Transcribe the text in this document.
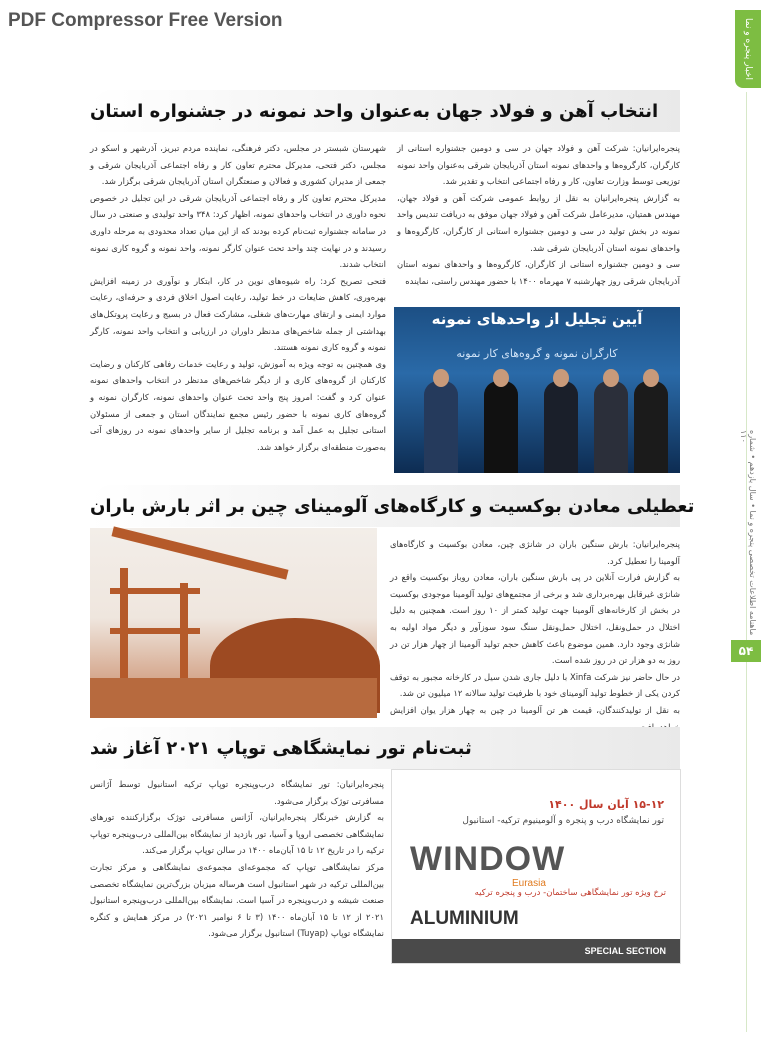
PDF Compressor Free Version	اخبار پنجره و نما
ماهنامه اطلاعات تخصصی پنجره و نما • سال یازدهم • شماره ۱۱۰
۵۴
انتخاب آهن و فولاد جهان به‌عنوان واحد نمونه در جشنواره استان

پنجره‌ایرانیان: شرکت آهن و فولاد جهان در سی و دومین جشنواره استانی از کارگران، کارگروه‌ها و واحدهای نمونه استان آذربایجان شرقی به‌عنوان واحد نمونه توزیعی توسط وزارت تعاون، کار و رفاه اجتماعی انتخاب و تقدیر شد.

به گزارش پنجره‌ایرانیان به نقل از روابط عمومی شرکت آهن و فولاد جهان، مهندس همتیان، مدیرعامل شرکت آهن و فولاد جهان موفق به دریافت تندیس واحد نمونه در بخش تولید در سی و دومین جشنواره استانی از کارگران، کارگروه‌ها و واحدهای نمونه استان آذربایجان شرقی شد.

سی و دومین جشنواره استانی از کارگران، کارگروه‌ها و واحدهای نمونه استان آذربایجان شرقی روز چهارشنبه ۷ مهرماه ۱۴۰۰ با حضور مهندس راستی، نماینده

آیین تجلیل از واحدهای نمونه
کارگران نمونه و گروه‌های کار نمونه

شهرستان شبستر در مجلس، دکتر فرهنگی، نماینده مردم تبریز، آذرشهر و اسکو در مجلس، دکتر فتحی، مدیرکل محترم تعاون کار و رفاه اجتماعی آذربایجان شرقی و جمعی از مدیران کشوری و فعالان و صنعتگران استان آذربایجان شرقی برگزار شد.

مدیرکل محترم تعاون کار و رفاه اجتماعی آذربایجان شرقی در این تجلیل در خصوص نحوه داوری در انتخاب واحدهای نمونه، اظهار کرد: ۳۴۸ واحد تولیدی و صنعتی در سال در سامانه جشنواره ثبت‌نام کرده بودند که از این میان تعداد محدودی به مرحله داوری رسیدند و در نهایت چند واحد تحت عنوان کارگر نمونه، واحد نمونه و گروه کاری نمونه انتخاب شدند.

فتحی تصریح کرد: راه شیوه‌های نوین در کار، ابتکار و نوآوری در زمینه افزایش بهره‌وری، کاهش ضایعات در خط تولید، رعایت اصول اخلاق فردی و حرفه‌ای، رعایت موارد ایمنی و ارتقای مهارت‌های شغلی، مشارکت فعال در بسیج و رعایت پروتکل‌های بهداشتی از جمله شاخص‌های مدنظر داوران در ارزیابی و انتخاب واحد نمونه، کارگر نمونه و گروه کاری نمونه هستند.

وی همچنین به توجه ویژه به آموزش، تولید و رعایت خدمات رفاهی کارکنان و رضایت کارکنان از گروه‌های کاری و از دیگر شاخص‌های مدنظر در انتخاب واحدهای نمونه عنوان کرد و گفت: امروز پنج واحد تحت عنوان واحدهای نمونه، کارگران نمونه و گروه‌های کاری نمونه با حضور رئیس مجمع نمایندگان استان و جمعی از مسئولان استانی تجلیل به عمل آمد و برنامه تجلیل از سایر واحدهای نمونه در روزهای آتی به‌صورت منطقه‌ای برگزار خواهد شد.

تعطیلی معادن بوکسیت و کارگاه‌های آلومینای چین بر اثر بارش باران

پنجره‌ایرانیان: بارش سنگین باران در شانژی چین، معادن بوکسیت و کارگاه‌های آلومینا را تعطیل کرد.

به گزارش فرارت آنلاین در پی بارش سنگین باران، معادن روباز بوکسیت واقع در شانژی غیرقابل بهره‌برداری شد و برخی از مجتمع‌های تولید آلومینا موجودی بوکسیت در بخش از کارخانه‌های آلومینا جهت تولید کمتر از ۱۰ روز است. همچنین به دلیل اختلال در حمل‌ونقل، اختلال حمل‌ونقل سنگ سود سوزآور و دیگر مواد اولیه به شانژی وجود دارد. همین موضوع باعث کاهش حجم تولید آلومینا از چهار هزار تن در روز به دو هزار تن در روز شده است.

در حال حاضر نیز شرکت Xinfa با دلیل جاری شدن سیل در کارخانه مجبور به توقف کردن یکی از خطوط تولید آلومینای خود با ظرفیت تولید سالانه ۱۲ میلیون تن شد.

به نقل از تولیدکنندگان، قیمت هر تن آلومینا در چین به چهار هزار یوان افزایش

ثبت‌نام تور نمایشگاهی توپاپ ۲۰۲۱ آغاز شد
۱۵-۱۲ آبان سال ۱۴۰۰
تور نمایشگاه درب و پنجره و آلومینیوم ترکیه- استانبول
WINDOW
Eurasia
ترخ ویژه تور نمایشگاهی ساختمان- درب و پنجره ترکیه
ALUMINIUM
SPECIAL SECTION

پنجره‌ایرانیان: تور نمایشگاه درب‌وپنجره توپاپ ترکیه استانبول توسط آژانس مسافرتی توژک برگزار می‌شود.

به گزارش خبرنگار پنجره‌ایرانیان، آژانس مسافرتی توژک برگزارکننده تورهای نمایشگاهی تخصصی اروپا و آسیا، تور بازدید از نمایشگاه بین‌المللی درب‌وپنجره توپاپ ترکیه را در تاریخ ۱۲ تا ۱۵ آبان‌ماه ۱۴۰۰ در سالن توپاپ برگزار می‌کند.

مرکز نمایشگاهی توپاپ که مجموعه‌ای مجموعه‌ی نمایشگاهی و مرکز تجارت بین‌المللی ترکیه در شهر استانبول است هرساله میزبان بزرگ‌ترین نمایشگاه تخصصی صنعت شیشه و درب‌وپنجره در آسیا است. نمایشگاه بین‌المللی درب‌وپنجره استانبول ۲۰۲۱ از ۱۲ تا ۱۵ آبان‌ماه ۱۴۰۰ (۳ تا ۶ نوامبر ۲۰۲۱) در مرکز همایش و کنگره نمایشگاه توپاپ (Tuyap) استانبول برگزار می‌شود.
